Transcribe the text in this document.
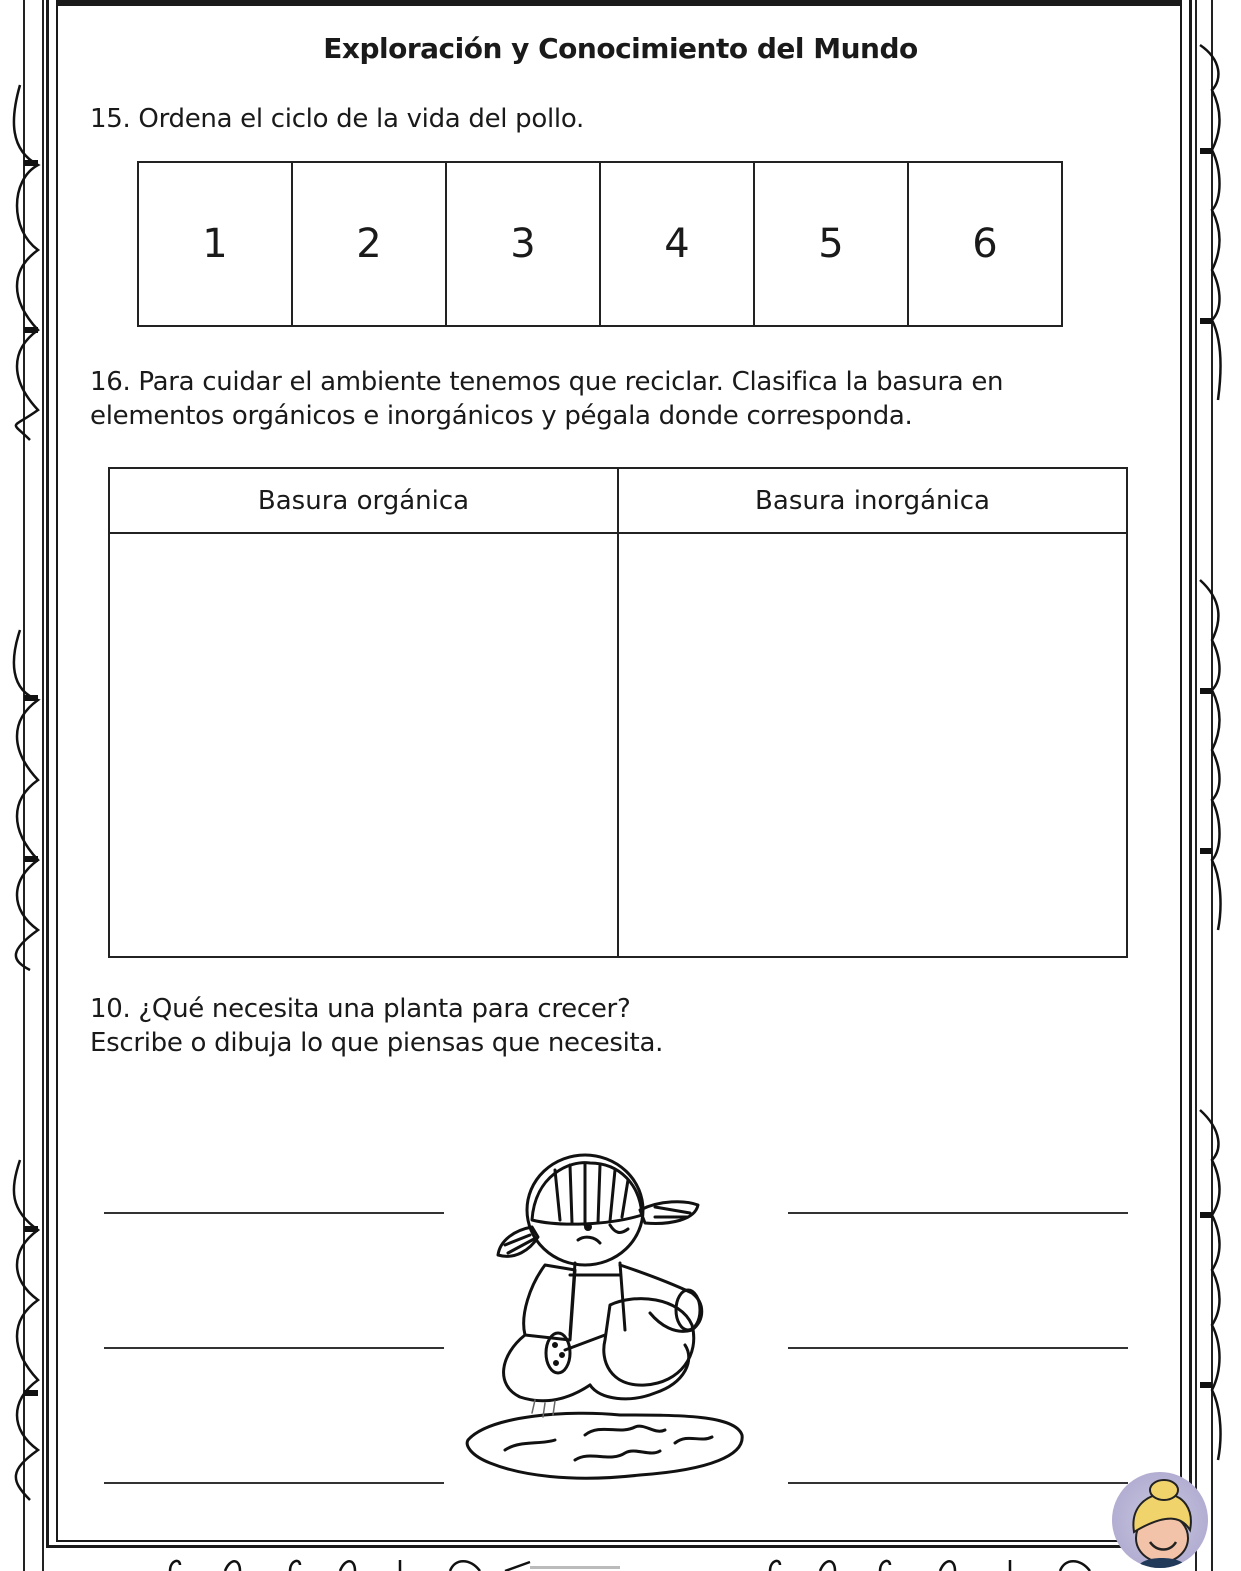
Exploración y Conocimiento del Mundo
15. Ordena el ciclo de la vida del pollo.
1	2	3	4	5	6
16. Para cuidar el ambiente tenemos que reciclar. Clasifica la basura en
elementos orgánicos e inorgánicos y pégala donde corresponda.
Basura orgánica	Basura inorgánica

10. ¿Qué necesita una planta para crecer?
Escribe o dibuja lo que piensas que necesita.
